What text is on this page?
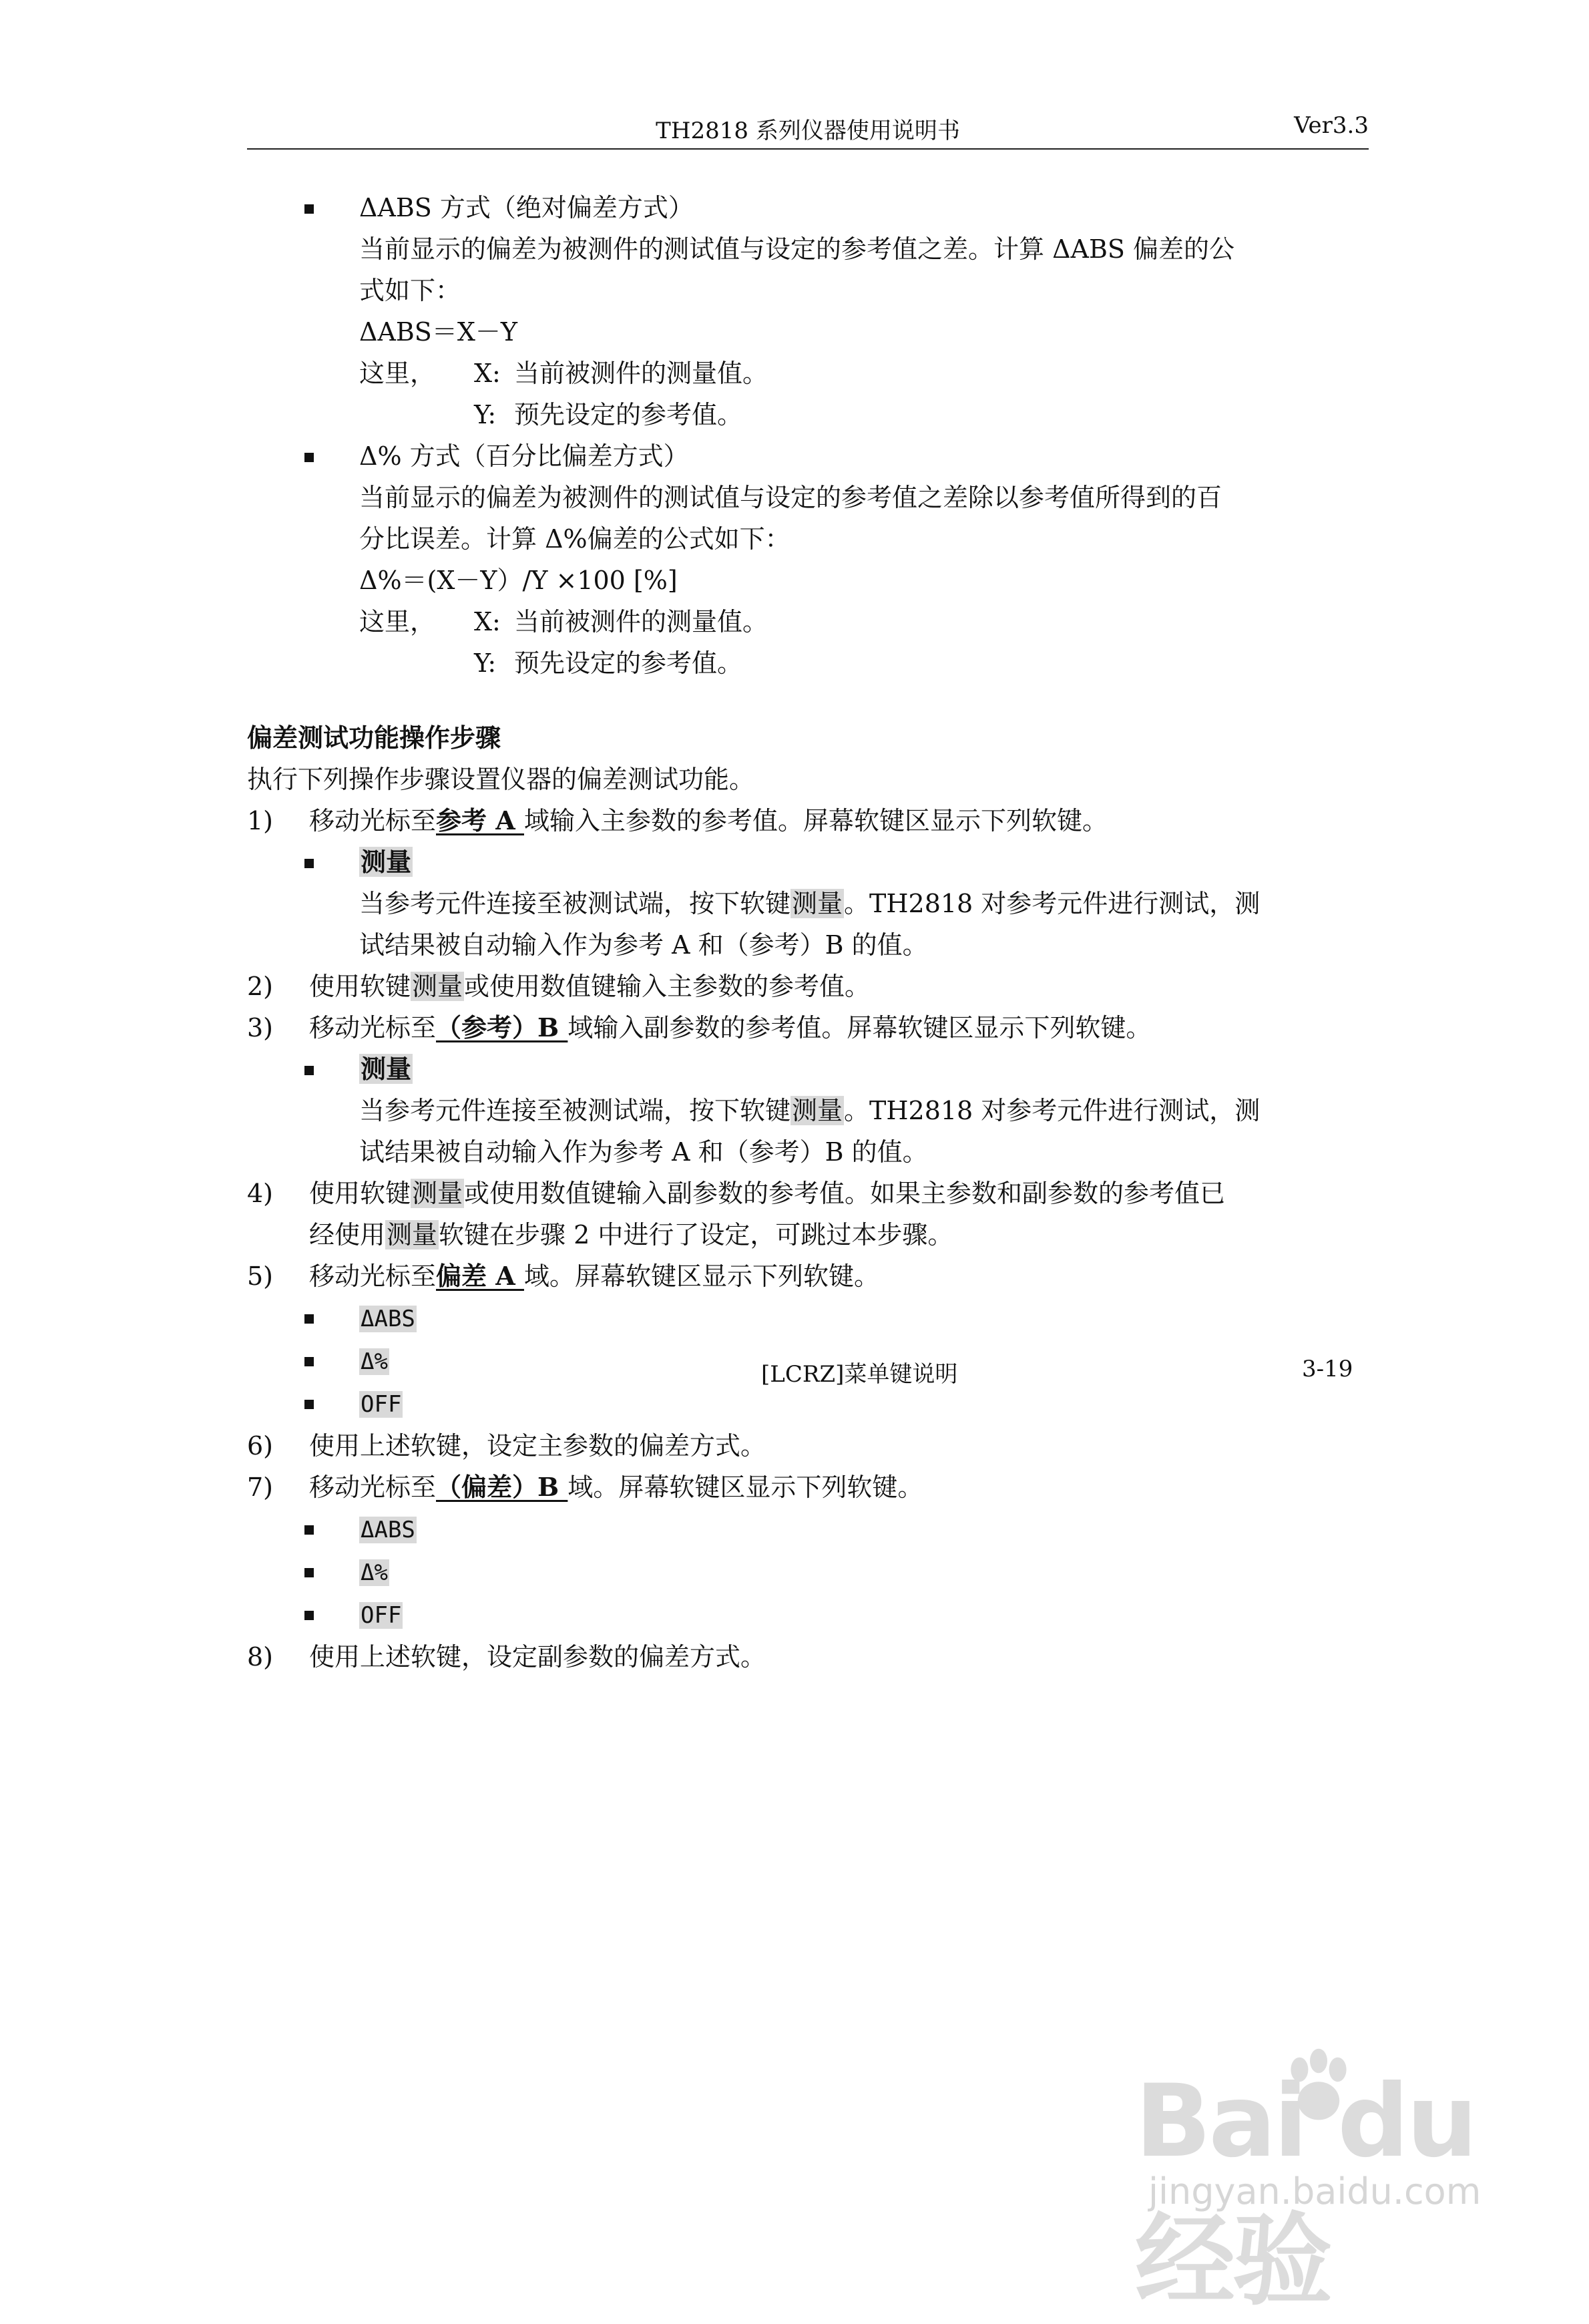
TH2818 系列仪器使用说明书	Ver3.3
ΔABS 方式（绝对偏差方式）
当前显示的偏差为被测件的测试值与设定的参考值之差。计算 ΔABS 偏差的公
式如下：
ΔABS＝X－Y
这里， X: 当前被测件的测量值。
Y: 预先设定的参考值。
Δ% 方式（百分比偏差方式）
当前显示的偏差为被测件的测试值与设定的参考值之差除以参考值所得到的百
分比误差。计算 Δ%偏差的公式如下：
Δ%＝(X－Y）/Y ×100 [%]
这里， X: 当前被测件的测量值。
Y: 预先设定的参考值。
偏差测试功能操作步骤
执行下列操作步骤设置仪器的偏差测试功能。
1) 移动光标至参考 A 域输入主参数的参考值。屏幕软键区显示下列软键。
测量
当参考元件连接至被测试端，按下软键测量。TH2818 对参考元件进行测试，测
试结果被自动输入作为参考 A 和（参考）B 的值。
2) 使用软键测量或使用数值键输入主参数的参考值。
3) 移动光标至（参考）B 域输入副参数的参考值。屏幕软键区显示下列软键。
测量
当参考元件连接至被测试端，按下软键测量。TH2818 对参考元件进行测试，测
试结果被自动输入作为参考 A 和（参考）B 的值。
4) 使用软键测量或使用数值键输入副参数的参考值。如果主参数和副参数的参考值已
经使用测量软键在步骤 2 中进行了设定，可跳过本步骤。
5) 移动光标至偏差 A 域。屏幕软键区显示下列软键。
ΔABS
Δ%
OFF
6) 使用上述软键，设定主参数的偏差方式。
7) 移动光标至（偏差）B 域。屏幕软键区显示下列软键。
ΔABS
Δ%
OFF
8) 使用上述软键，设定副参数的偏差方式。
[LCRZ]菜单键说明	3-19
Bai du 经验
jingyan.baidu.com
